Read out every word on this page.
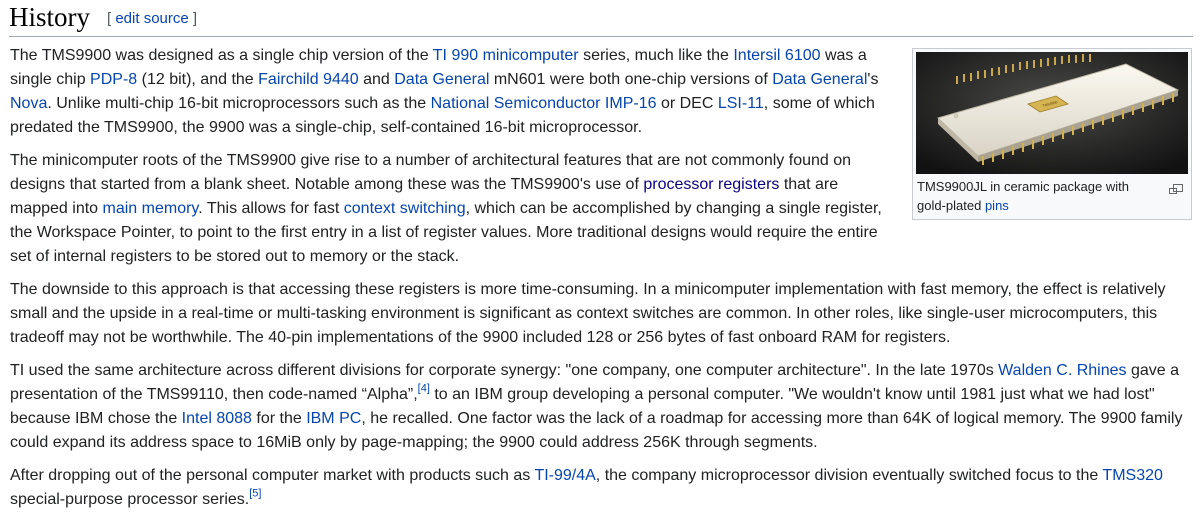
History [ edit source ]
TMS9900
TMS9900JL in ceramic package with gold-plated pins

The TMS9900 was designed as a single chip version of the TI 990 minicomputer series, much like the Intersil 6100 was a single chip PDP-8 (12 bit), and the Fairchild 9440 and Data General mN601 were both one-chip versions of Data General's Nova. Unlike multi-chip 16-bit microprocessors such as the National Semiconductor IMP-16 or DEC LSI-11, some of which predated the TMS9900, the 9900 was a single-chip, self-contained 16-bit microprocessor.

The minicomputer roots of the TMS9900 give rise to a number of architectural features that are not commonly found on designs that started from a blank sheet. Notable among these was the TMS9900's use of processor registers that are mapped into main memory. This allows for fast context switching, which can be accomplished by changing a single register, the Workspace Pointer, to point to the first entry in a list of register values. More traditional designs would require the entire set of internal registers to be stored out to memory or the stack.

The downside to this approach is that accessing these registers is more time-consuming. In a minicomputer implementation with fast memory, the effect is relatively small and the upside in a real-time or multi-tasking environment is significant as context switches are common. In other roles, like single-user microcomputers, this tradeoff may not be worthwhile. The 40-pin implementations of the 9900 included 128 or 256 bytes of fast onboard RAM for registers.

TI used the same architecture across different divisions for corporate synergy: "one company, one computer architecture". In the late 1970s Walden C. Rhines gave a presentation of the TMS99110, then code-named “Alpha”,[4] to an IBM group developing a personal computer. "We wouldn't know until 1981 just what we had lost" because IBM chose the Intel 8088 for the IBM PC, he recalled. One factor was the lack of a roadmap for accessing more than 64K of logical memory. The 9900 family could expand its address space to 16MiB only by page-mapping; the 9900 could address 256K through segments.

After dropping out of the personal computer market with products such as TI-99/4A, the company microprocessor division eventually switched focus to the TMS320 special-purpose processor series.[5]
